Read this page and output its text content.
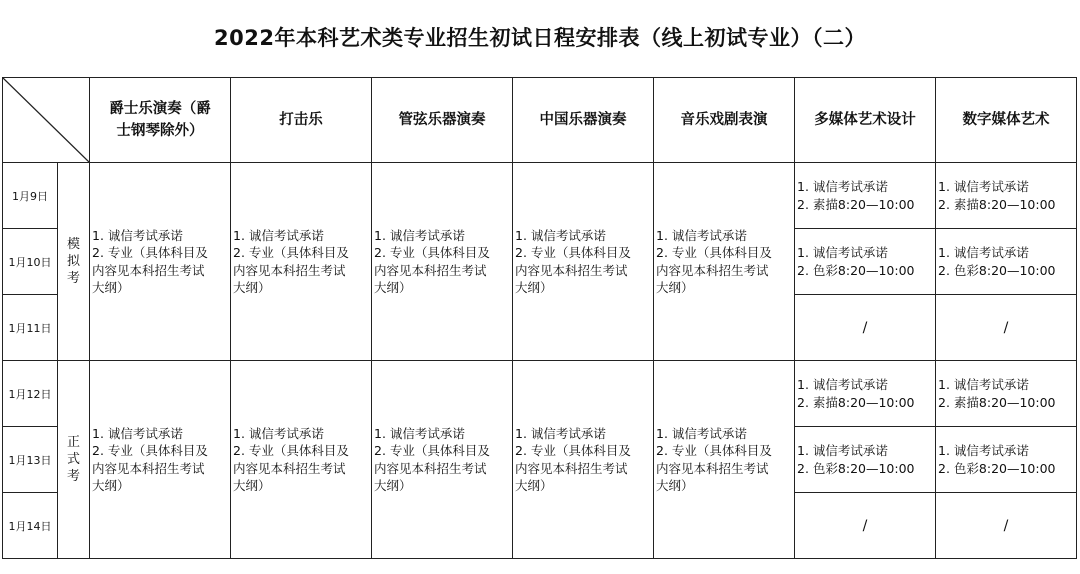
2022年本科艺术类专业招生初试日程安排表（线上初试专业）（二）

爵士乐演奏（爵
士钢琴除外）	打击乐	管弦乐器演奏	中国乐器演奏	音乐戏剧表演	多媒体艺术设计	数字媒体艺术
1月9日	模
拟
考	1. 诚信考试承诺
2. 专业（具体科目及
内容见本科招生考试
大纲）	1. 诚信考试承诺
2. 专业（具体科目及
内容见本科招生考试
大纲）	1. 诚信考试承诺
2. 专业（具体科目及
内容见本科招生考试
大纲）	1. 诚信考试承诺
2. 专业（具体科目及
内容见本科招生考试
大纲）	1. 诚信考试承诺
2. 专业（具体科目及
内容见本科招生考试
大纲）	1. 诚信考试承诺
2. 素描8:20—10:00	1. 诚信考试承诺
2. 素描8:20—10:00

1月10日							1. 诚信考试承诺
2. 色彩8:20—10:00	1. 诚信考试承诺
2. 色彩8:20—10:00

1月11日							/	/
1月12日	正
式
考	1. 诚信考试承诺
2. 专业（具体科目及
内容见本科招生考试
大纲）	1. 诚信考试承诺
2. 专业（具体科目及
内容见本科招生考试
大纲）	1. 诚信考试承诺
2. 专业（具体科目及
内容见本科招生考试
大纲）	1. 诚信考试承诺
2. 专业（具体科目及
内容见本科招生考试
大纲）	1. 诚信考试承诺
2. 专业（具体科目及
内容见本科招生考试
大纲）	1. 诚信考试承诺
2. 素描8:20—10:00	1. 诚信考试承诺
2. 素描8:20—10:00

1月13日							1. 诚信考试承诺
2. 色彩8:20—10:00	1. 诚信考试承诺
2. 色彩8:20—10:00

1月14日							/	/
